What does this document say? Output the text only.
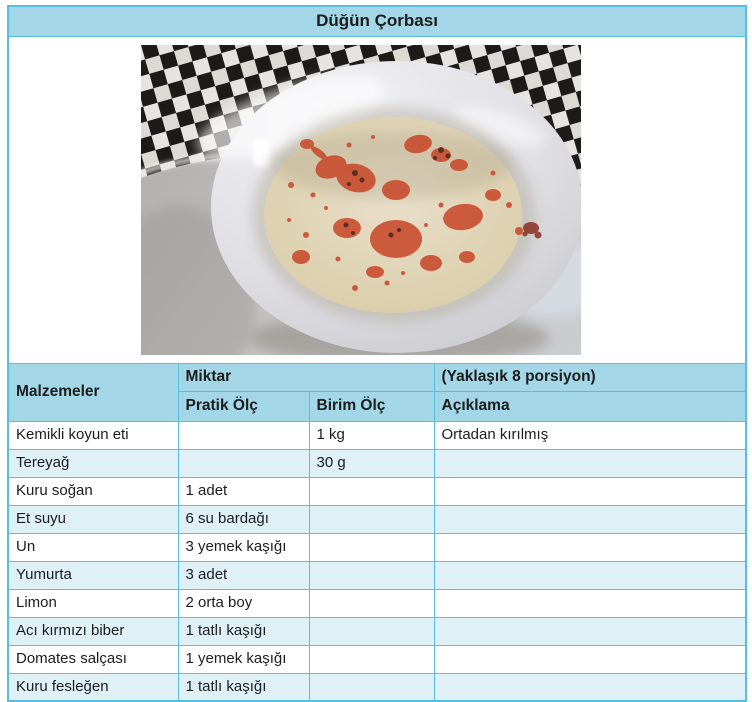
Düğün Çorbası			

Malzemeler	Miktar		(Yaklaşık 8 porsiyon)
	Pratik Ölç	Birim Ölç	Açıklama
Kemikli koyun eti		1 kg	Ortadan kırılmış
Tereyağ		30 g	
Kuru soğan	1 adet		
Et suyu	6 su bardağı		
Un	3 yemek kaşığı		
Yumurta	3 adet		
Limon	2 orta boy		
Acı kırmızı biber	1 tatlı kaşığı		
Domates salçası	1 yemek kaşığı		
Kuru fesleğen	1 tatlı kaşığı		
